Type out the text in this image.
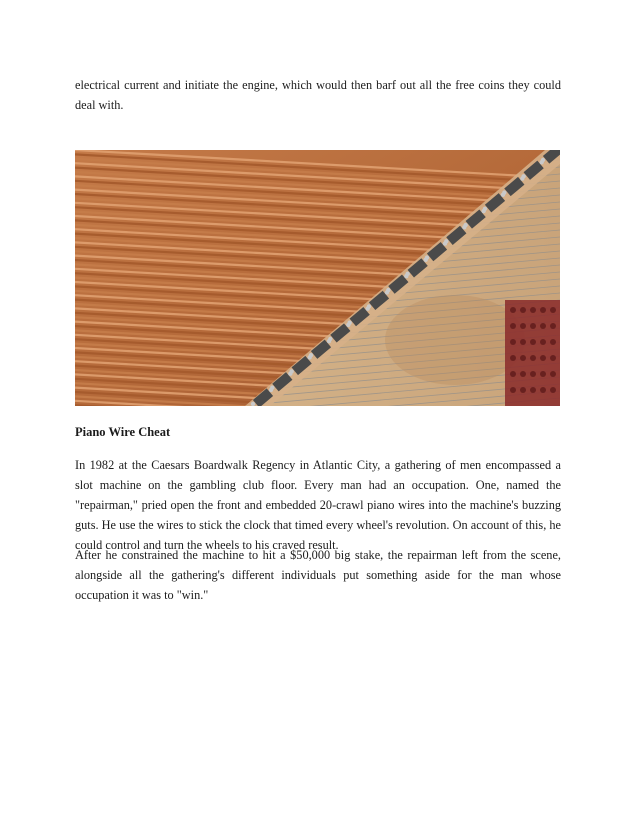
electrical current and initiate the engine, which would then barf out all the free coins they could deal with.

Piano Wire Cheat

In 1982 at the Caesars Boardwalk Regency in Atlantic City, a gathering of men encompassed a slot machine on the gambling club floor. Every man had an occupation. One, named the "repairman," pried open the front and embedded 20-crawl piano wires into the machine's buzzing guts. He use the wires to stick the clock that timed every wheel's revolution. On account of this, he could control and turn the wheels to his craved result.

After he constrained the machine to hit a $50,000 big stake, the repairman left from the scene, alongside all the gathering's different individuals put something aside for the man whose occupation it was to "win."
